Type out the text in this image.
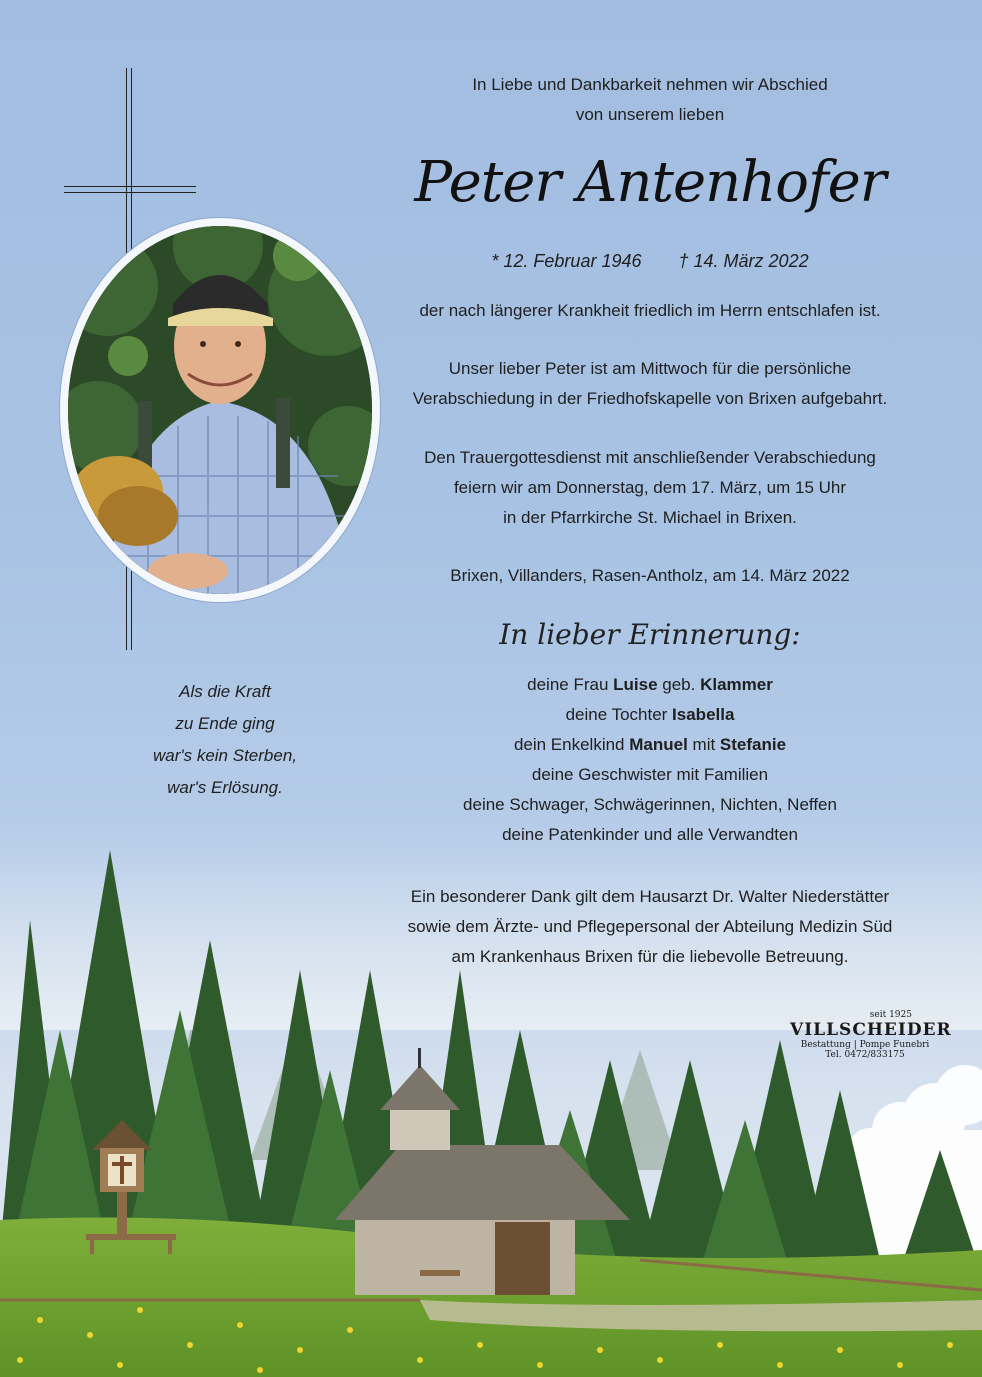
In Liebe und Dankbarkeit nehmen wir Abschied
von unserem lieben
Peter Antenhofer
* 12. Februar 1946 † 14. März 2022
der nach längerer Krankheit friedlich im Herrn entschlafen ist.
Unser lieber Peter ist am Mittwoch für die persönliche
Verabschiedung in der Friedhofskapelle von Brixen aufgebahrt.
Den Trauergottesdienst mit anschließender Verabschiedung
feiern wir am Donnerstag, dem 17. März, um 15 Uhr
in der Pfarrkirche St. Michael in Brixen.
Brixen, Villanders, Rasen-Antholz, am 14. März 2022
In lieber Erinnerung:
deine Frau Luise geb. Klammer
deine Tochter Isabella
dein Enkelkind Manuel mit Stefanie
deine Geschwister mit Familien
deine Schwager, Schwägerinnen, Nichten, Neffen
deine Patenkinder und alle Verwandten
Ein besonderer Dank gilt dem Hausarzt Dr. Walter Niederstätter
sowie dem Ärzte- und Pflegepersonal der Abteilung Medizin Süd
am Krankenhaus Brixen für die liebevolle Betreuung.
Als die Kraft
zu Ende ging
war's kein Sterben,
war's Erlösung.
seit 1925
VILLSCHEIDER
Bestattung | Pompe Funebri
Tel. 0472/833175
